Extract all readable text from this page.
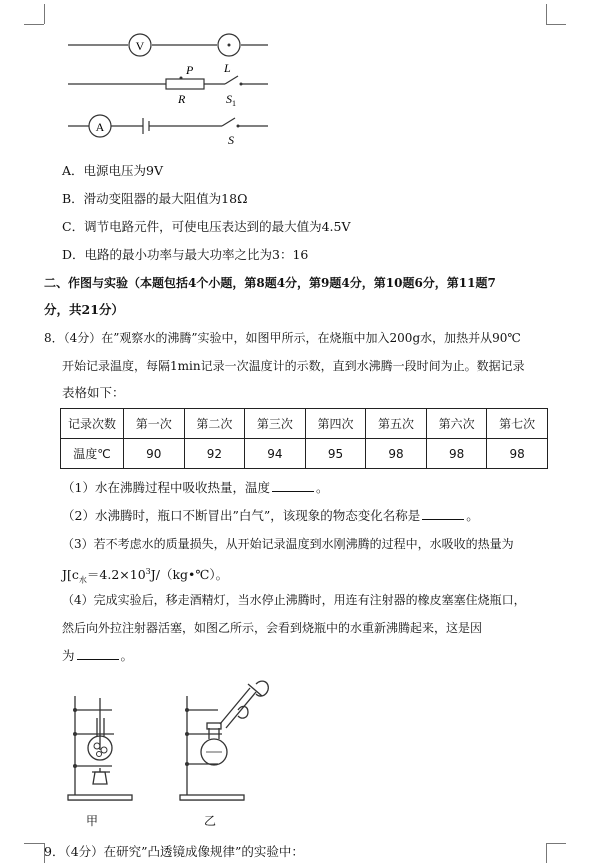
V
A
P	L
R	$S_1$
S
A．电源电压为9V
B．滑动变阻器的最大阻值为18Ω
C．调节电路元件，可使电压表达到的最大值为4.5V
D．电路的最小功率与最大功率之比为3：16
二、作图与实验（本题包括4个小题，第8题4分，第9题4分，第10题6分，第11题7
分，共21分）
8．（4分）在”观察水的沸腾”实验中，如图甲所示，在烧瓶中加入200g水，加热并从90℃
开始记录温度，每隔1min记录一次温度计的示数，直到水沸腾一段时间为止。数据记录
表格如下：
记录次数	第一次	第二次	第三次	第四次	第五次	第六次	第七次
温度℃	90	92	94	95	98	98	98
（1）水在沸腾过程中吸收热量，温度	。
（2）水沸腾时，瓶口不断冒出”白气”，该现象的物态变化名称是	。
（3）若不考虑水的质量损失，从开始记录温度到水刚沸腾的过程中，水吸收的热量为
$J[c_水=4.2\times 10^3J/(kg•℃)$。
（4）完成实验后，移走酒精灯，当水停止沸腾时，用连有注射器的橡皮塞塞住烧瓶口，
然后向外拉注射器活塞，如图乙所示，会看到烧瓶中的水重新沸腾起来，这是因
为	。
甲	乙
9．（4分）在研究”凸透镜成像规律”的实验中：
